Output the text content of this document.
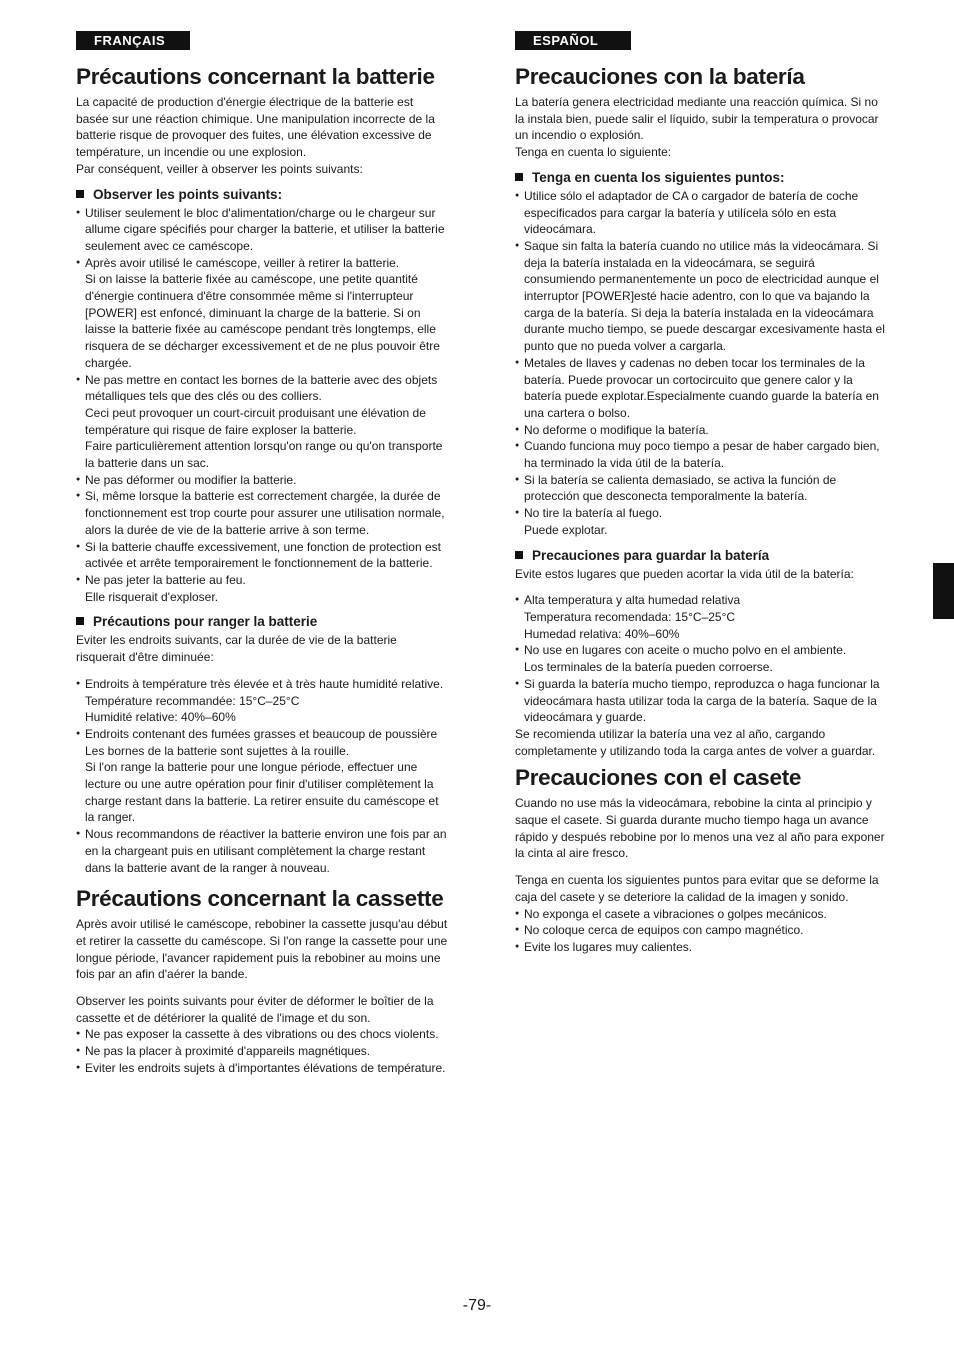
FRANÇAIS
Précautions concernant la batterie

La capacité de production d'énergie électrique de la batterie est basée sur une réaction chimique. Une manipulation incorrecte de la batterie risque de provoquer des fuites, une élévation excessive de température, un incendie ou une explosion.

Par conséquent, veiller à observer les points suivants:

Observer les points suivants:
● Utiliser seulement le bloc d'alimentation/charge ou le chargeur sur allume cigare spécifiés pour charger la batterie, et utiliser la batterie seulement avec ce caméscope.
● Après avoir utilisé le caméscope, veiller à retirer la batterie.
Si on laisse la batterie fixée au caméscope, une petite quantité d'énergie continuera d'être consommée même si l'interrupteur [POWER] est enfoncé, diminuant la charge de la batterie. Si on laisse la batterie fixée au caméscope pendant très longtemps, elle risquera de se décharger excessivement et de ne plus pouvoir être chargée.
● Ne pas mettre en contact les bornes de la batterie avec des objets métalliques tels que des clés ou des colliers.
Ceci peut provoquer un court-circuit produisant une élévation de température qui risque de faire exploser la batterie.
Faire particulièrement attention lorsqu'on range ou qu'on transporte la batterie dans un sac.
● Ne pas déformer ou modifier la batterie.
● Si, même lorsque la batterie est correctement chargée, la durée de fonctionnement est trop courte pour assurer une utilisation normale, alors la durée de vie de la batterie arrive à son terme.
● Si la batterie chauffe excessivement, une fonction de protection est activée et arrête temporairement le fonctionnement de la batterie.
● Ne pas jeter la batterie au feu.
Elle risquerait d'exploser.
Précautions pour ranger la batterie

Eviter les endroits suivants, car la durée de vie de la batterie risquerait d'être diminuée:

● Endroits à température très élevée et à très haute humidité relative.
Température recommandée: 15°C–25°C
Humidité relative: 40%–60%
● Endroits contenant des fumées grasses et beaucoup de poussière
Les bornes de la batterie sont sujettes à la rouille.
Si l'on range la batterie pour une longue période, effectuer une lecture ou une autre opération pour finir d'utiliser complètement la charge restant dans la batterie. La retirer ensuite du caméscope et la ranger.
● Nous recommandons de réactiver la batterie environ une fois par an en la chargeant puis en utilisant complètement la charge restant dans la batterie avant de la ranger à nouveau.
Précautions concernant la cassette

Après avoir utilisé le caméscope, rebobiner la cassette jusqu'au début et retirer la cassette du caméscope. Si l'on range la cassette pour une longue période, l'avancer rapidement puis la rebobiner au moins une fois par an afin d'aérer la bande.

Observer les points suivants pour éviter de déformer le boîtier de la cassette et de détériorer la qualité de l'image et du son.

● Ne pas exposer la cassette à des vibrations ou des chocs violents.
● Ne pas la placer à proximité d'appareils magnétiques.
● Eviter les endroits sujets à d'importantes élévations de température.
ESPAÑOL
Precauciones con la batería

La batería genera electricidad mediante una reacción química. Si no la instala bien, puede salir el líquido, subir la temperatura o provocar un incendio o explosión.

Tenga en cuenta lo siguiente:

Tenga en cuenta los siguientes puntos:
● Utilice sólo el adaptador de CA o cargador de batería de coche especificados para cargar la batería y utilícela sólo en esta videocámara.
● Saque sin falta la batería cuando no utilice más la videocámara. Si deja la batería instalada en la videocámara, se seguirá consumiendo permanentemente un poco de electricidad aunque el interruptor [POWER]esté hacie adentro, con lo que va bajando la carga de la batería. Si deja la batería instalada en la videocámara durante mucho tiempo, se puede descargar excesivamente hasta el punto que no pueda volver a cargarla.
● Metales de llaves y cadenas no deben tocar los terminales de la batería. Puede provocar un cortocircuito que genere calor y la batería puede explotar.Especialmente cuando guarde la batería en una cartera o bolso.
● No deforme o modifique la batería.
● Cuando funciona muy poco tiempo a pesar de haber cargado bien, ha terminado la vida útil de la batería.
● Si la batería se calienta demasiado, se activa la función de protección que desconecta temporalmente la batería.
● No tire la batería al fuego.
Puede explotar.
Precauciones para guardar la batería

Evite estos lugares que pueden acortar la vida útil de la batería:

● Alta temperatura y alta humedad relativa
Temperatura recomendada: 15°C–25°C
Humedad relativa: 40%–60%
● No use en lugares con aceite o mucho polvo en el ambiente.
Los terminales de la batería pueden corroerse.
● Si guarda la batería mucho tiempo, reproduzca o haga funcionar la videocámara hasta utilizar toda la carga de la batería. Saque de la videocámara y guarde.

Se recomienda utilizar la batería una vez al año, cargando completamente y utilizando toda la carga antes de volver a guardar.

Precauciones con el casete

Cuando no use más la videocámara, rebobine la cinta al principio y saque el casete. Si guarda durante mucho tiempo haga un avance rápido y después rebobine por lo menos una vez al año para exponer la cinta al aire fresco.

Tenga en cuenta los siguientes puntos para evitar que se deforme la caja del casete y se deteriore la calidad de la imagen y sonido.

● No exponga el casete a vibraciones o golpes mecánicos.
● No coloque cerca de equipos con campo magnético.
● Evite los lugares muy calientes.
-79-
